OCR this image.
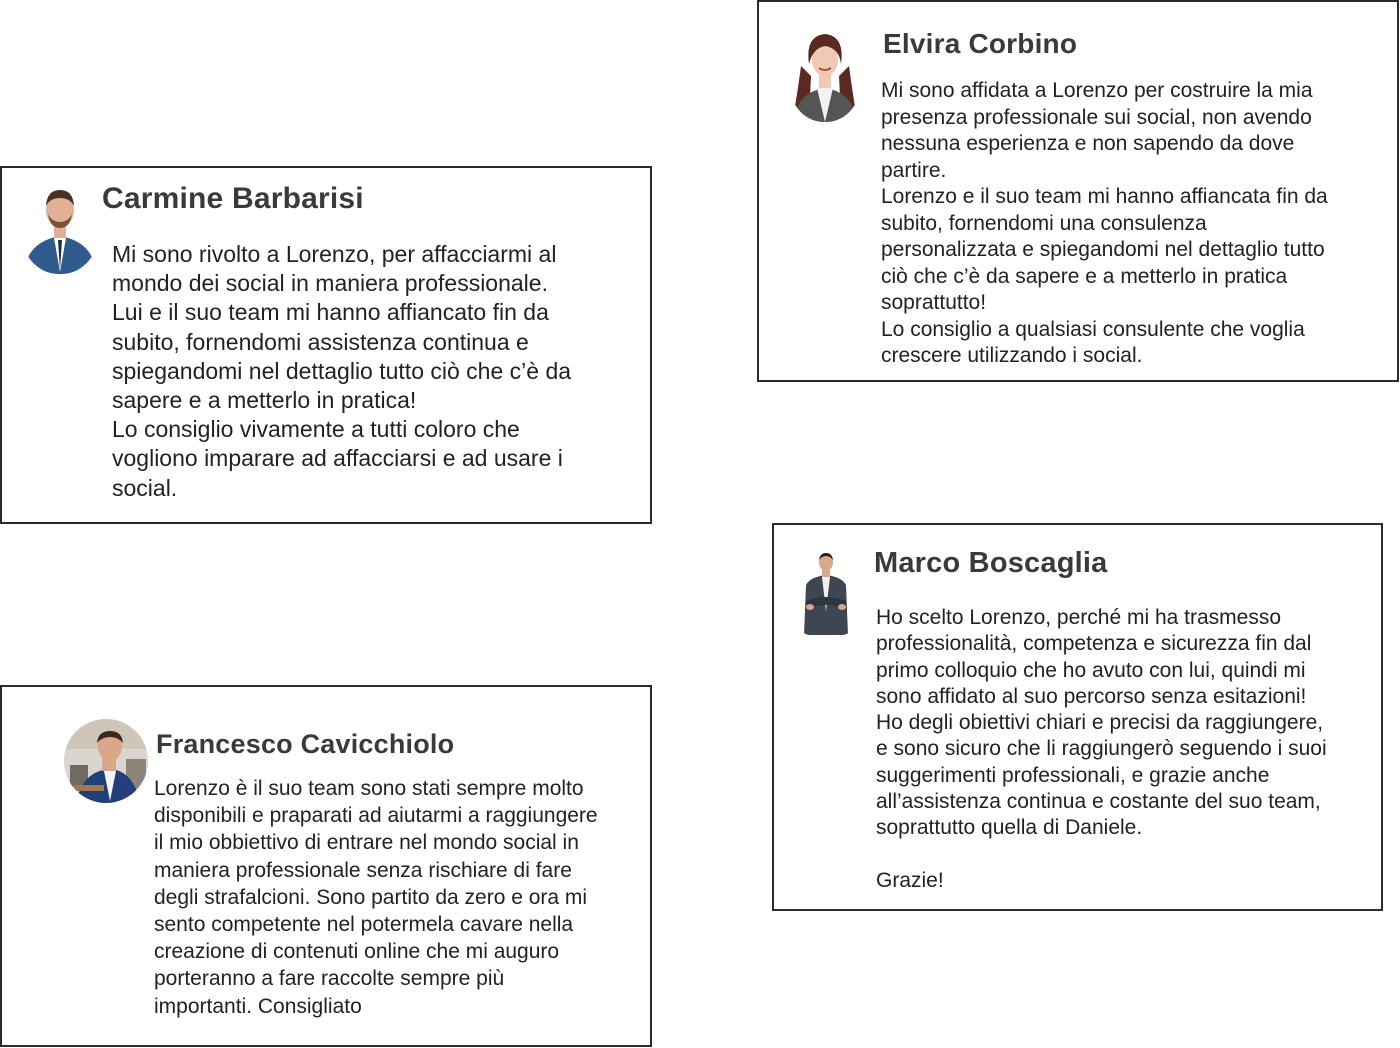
Carmine Barbarisi

Mi sono rivolto a Lorenzo, per affacciarmi al
mondo dei social in maniera professionale.
Lui e il suo team mi hanno affiancato fin da
subito, fornendomi assistenza continua e
spiegandomi nel dettaglio tutto ciò che c’è da
sapere e a metterlo in pratica!
Lo consiglio vivamente a tutti coloro che
vogliono imparare ad affacciarsi e ad usare i
social.

Elvira Corbino

Mi sono affidata a Lorenzo per costruire la mia
presenza professionale sui social, non avendo
nessuna esperienza e non sapendo da dove
partire.
Lorenzo e il suo team mi hanno affiancata fin da
subito, fornendomi una consulenza
personalizzata e spiegandomi nel dettaglio tutto
ciò che c’è da sapere e a metterlo in pratica
soprattutto!
Lo consiglio a qualsiasi consulente che voglia
crescere utilizzando i social.

Francesco Cavicchiolo

Lorenzo è il suo team sono stati sempre molto
disponibili e praparati ad aiutarmi a raggiungere
il mio obbiettivo di entrare nel mondo social in
maniera professionale senza rischiare di fare
degli strafalcioni. Sono partito da zero e ora mi
sento competente nel potermela cavare nella
creazione di contenuti online che mi auguro
porteranno a fare raccolte sempre più
importanti. Consigliato

Marco Boscaglia

Ho scelto Lorenzo, perché mi ha trasmesso
professionalità, competenza e sicurezza fin dal
primo colloquio che ho avuto con lui, quindi mi
sono affidato al suo percorso senza esitazioni!
Ho degli obiettivi chiari e precisi da raggiungere,
e sono sicuro che li raggiungerò seguendo i suoi
suggerimenti professionali, e grazie anche
all’assistenza continua e costante del suo team,
soprattutto quella di Daniele.

Grazie!
